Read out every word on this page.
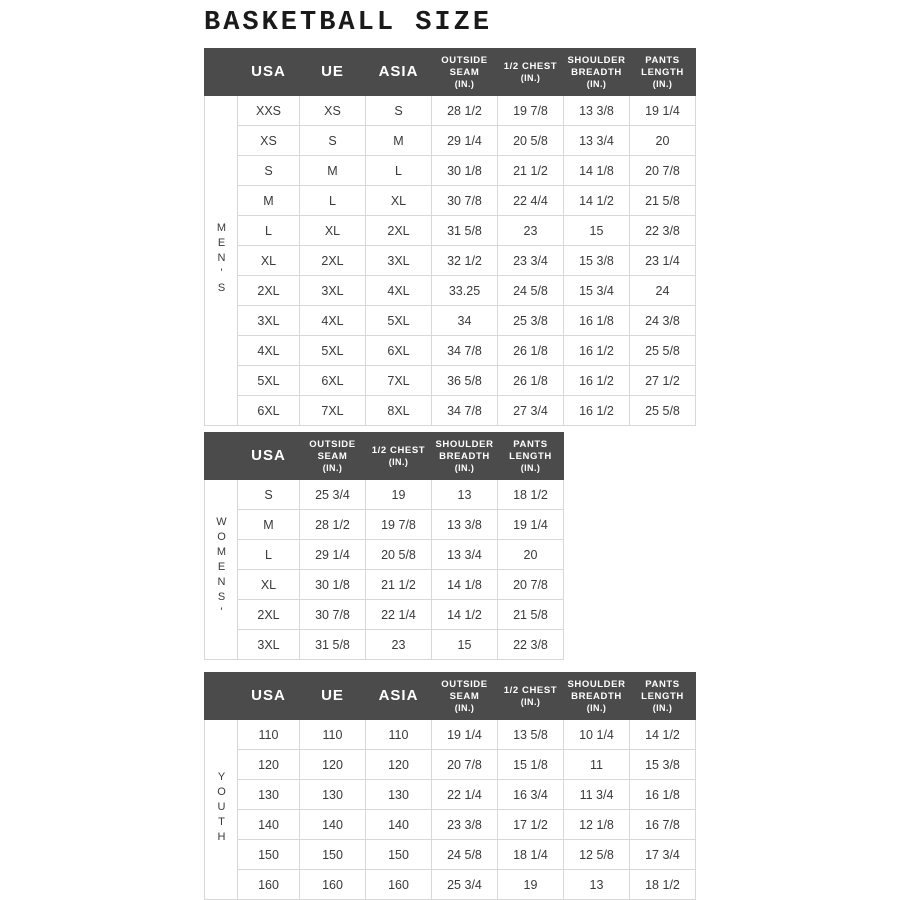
BASKETBALL SIZE

	USA	UE	ASIA	OUTSIDE
SEAM
(IN.)	1/2 CHEST
(IN.)	SHOULDER
BREADTH
(IN.)	PANTS
LENGTH
(IN.)

MEN'S	XXS	XS	S	28 1/2	19 7/8	13 3/8	19 1/4
	XS	S	M	29 1/4	20 5/8	13 3/4	20
	S	M	L	30 1/8	21 1/2	14 1/8	20 7/8
	M	L	XL	30 7/8	22 4/4	14 1/2	21 5/8
	L	XL	2XL	31 5/8	23	15	22 3/8
	XL	2XL	3XL	32 1/2	23 3/4	15 3/8	23 1/4
	2XL	3XL	4XL	33.25	24 5/8	15 3/4	24
	3XL	4XL	5XL	34	25 3/8	16 1/8	24 3/8
	4XL	5XL	6XL	34 7/8	26 1/8	16 1/2	25 5/8
	5XL	6XL	7XL	36 5/8	26 1/8	16 1/2	27 1/2
	6XL	7XL	8XL	34 7/8	27 3/4	16 1/2	25 5/8

	USA	OUTSIDE
SEAM
(IN.)	1/2 CHEST
(IN.)	SHOULDER
BREADTH
(IN.)	PANTS
LENGTH
(IN.)

WOMENS'	S	25 3/4	19	13	18 1/2
	M	28 1/2	19 7/8	13 3/8	19 1/4
	L	29 1/4	20 5/8	13 3/4	20
	XL	30 1/8	21 1/2	14 1/8	20 7/8
	2XL	30 7/8	22 1/4	14 1/2	21 5/8
	3XL	31 5/8	23	15	22 3/8

	USA	UE	ASIA	OUTSIDE
SEAM
(IN.)	1/2 CHEST
(IN.)	SHOULDER
BREADTH
(IN.)	PANTS
LENGTH
(IN.)

YOUTH	110	110	110	19 1/4	13 5/8	10 1/4	14 1/2
	120	120	120	20 7/8	15 1/8	11	15 3/8
	130	130	130	22 1/4	16 3/4	11 3/4	16 1/8
	140	140	140	23 3/8	17 1/2	12 1/8	16 7/8
	150	150	150	24 5/8	18 1/4	12 5/8	17 3/4
	160	160	160	25 3/4	19	13	18 1/2
